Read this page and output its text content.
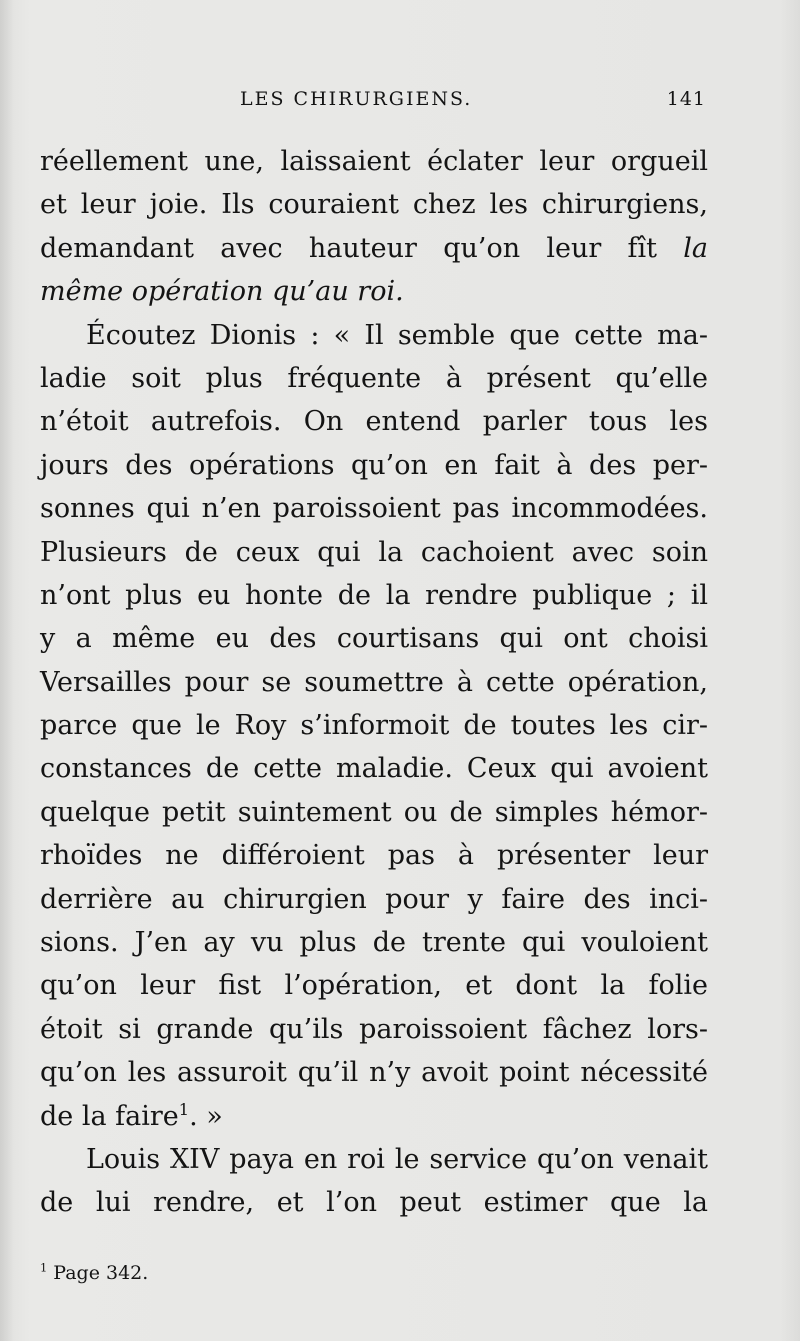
LES CHIRURGIENS.	141
réellement une, laissaient éclater leur orgueil
et leur joie. Ils couraient chez les chirurgiens,
demandant avec hauteur qu’on leur fît la
même opération qu’au roi.
Écoutez Dionis : « Il semble que cette ma-
ladie soit plus fréquente à présent qu’elle
n’étoit autrefois. On entend parler tous les
jours des opérations qu’on en fait à des per-
sonnes qui n’en paroissoient pas incommodées.
Plusieurs de ceux qui la cachoient avec soin
n’ont plus eu honte de la rendre publique ; il
y a même eu des courtisans qui ont choisi
Versailles pour se soumettre à cette opération,
parce que le Roy s’informoit de toutes les cir-
constances de cette maladie. Ceux qui avoient
quelque petit suintement ou de simples hémor-
rhoïdes ne différoient pas à présenter leur
derrière au chirurgien pour y faire des inci-
sions. J’en ay vu plus de trente qui vouloient
qu’on leur fist l’opération, et dont la folie
étoit si grande qu’ils paroissoient fâchez lors-
qu’on les assuroit qu’il n’y avoit point nécessité
de la faire$^1$. »
Louis XIV paya en roi le service qu’on venait
de lui rendre, et l’on peut estimer que la
$^1$ Page 342.
